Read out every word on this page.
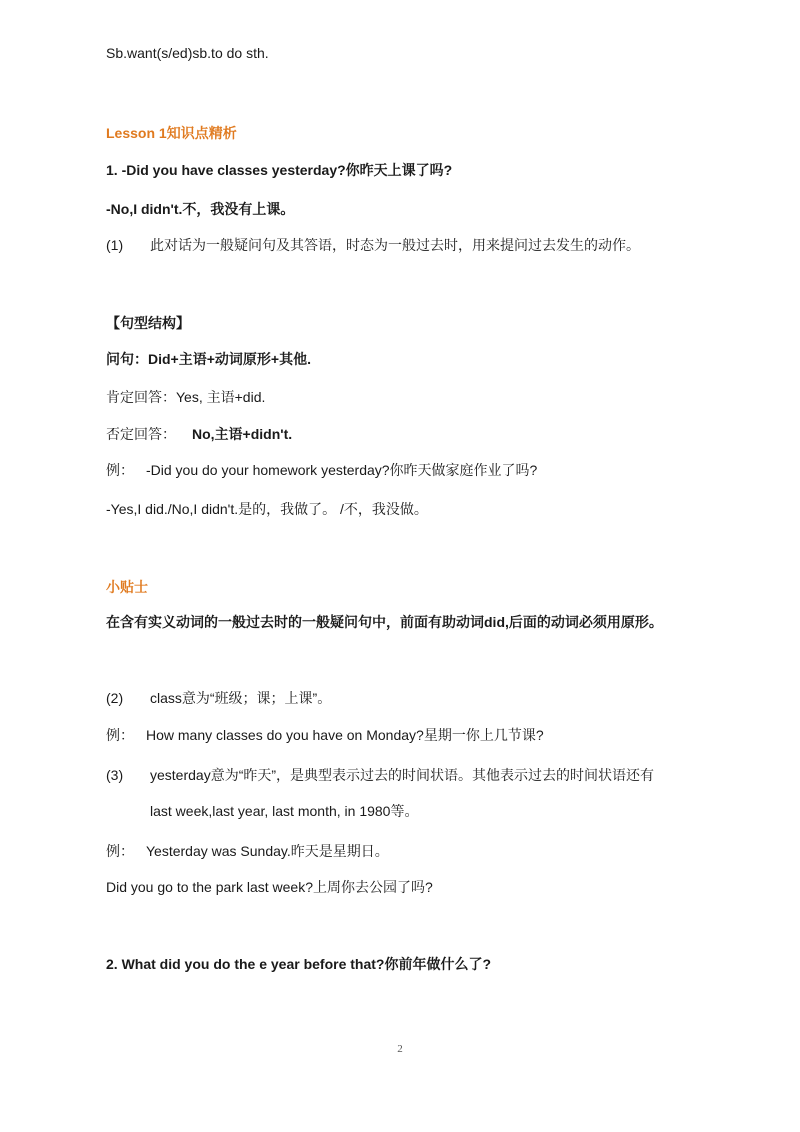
Sb.want(s/ed)sb.to do sth.
Lesson 1知识点精析
1. -Did you have classes yesterday?你昨天上课了吗?
-No,I didn't.不，我没有上课。
(1) 此对话为一般疑问句及其答语，时态为一般过去时，用来提问过去发生的动作。
【句型结构】
问句：Did+主语+动词原形+其他.
肯定回答：Yes, 主语+did.
否定回答： No,主语+didn't.
例： -Did you do your homework yesterday?你昨天做家庭作业了吗?
-Yes,I did./No,I didn't.是的，我做了。 /不，我没做。
小贴士
在含有实义动词的一般过去时的一般疑问句中，前面有助动词did,后面的动词必须用原形。
(2) class意为“班级；课；上课”。
例： How many classes do you have on Monday?星期一你上几节课?
(3) yesterday意为“昨天”，是典型表示过去的时间状语。其他表示过去的时间状语还有
last week,last year, last month, in 1980等。
例： Yesterday was Sunday.昨天是星期日。
Did you go to the park last week?上周你去公园了吗?
2. What did you do the e year before that?你前年做什么了?
2
